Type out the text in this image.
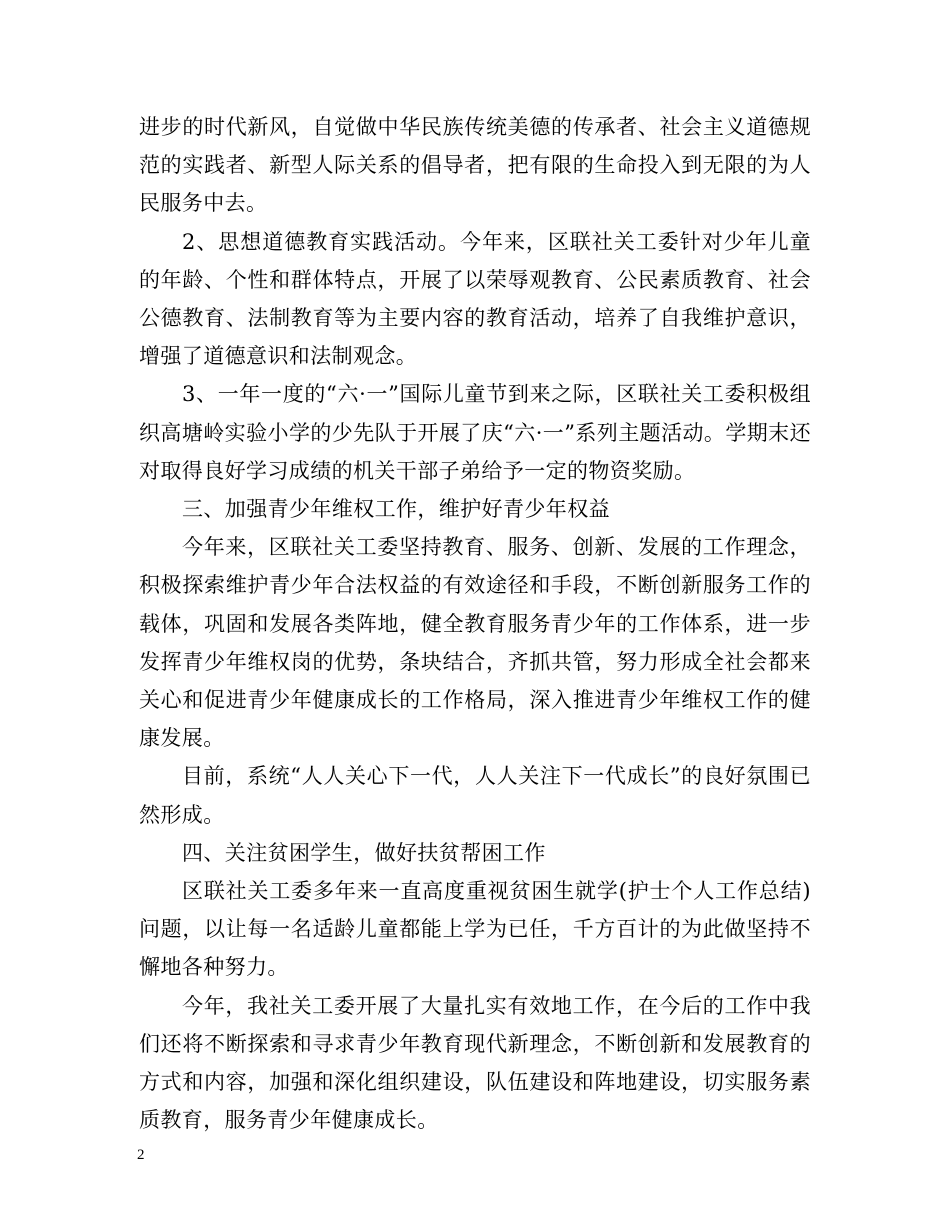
进步的时代新风，自觉做中华民族传统美德的传承者、社会主义道德规范的实践者、新型人际关系的倡导者，把有限的生命投入到无限的为人民服务中去。

2、思想道德教育实践活动。今年来，区联社关工委针对少年儿童的年龄、个性和群体特点，开展了以荣辱观教育、公民素质教育、社会公德教育、法制教育等为主要内容的教育活动，培养了自我维护意识，增强了道德意识和法制观念。

3、一年一度的“六·一”国际儿童节到来之际，区联社关工委积极组织高塘岭实验小学的少先队于开展了庆“六·一”系列主题活动。学期末还对取得良好学习成绩的机关干部子弟给予一定的物资奖励。

三、加强青少年维权工作，维护好青少年权益

今年来，区联社关工委坚持教育、服务、创新、发展的工作理念，积极探索维护青少年合法权益的有效途径和手段，不断创新服务工作的载体，巩固和发展各类阵地，健全教育服务青少年的工作体系，进一步发挥青少年维权岗的优势，条块结合，齐抓共管，努力形成全社会都来关心和促进青少年健康成长的工作格局，深入推进青少年维权工作的健康发展。

目前，系统“人人关心下一代，人人关注下一代成长”的良好氛围已然形成。

四、关注贫困学生，做好扶贫帮困工作

区联社关工委多年来一直高度重视贫困生就学(护士个人工作总结)问题，以让每一名适龄儿童都能上学为已任，千方百计的为此做坚持不懈地各种努力。

今年，我社关工委开展了大量扎实有效地工作，在今后的工作中我们还将不断探索和寻求青少年教育现代新理念，不断创新和发展教育的方式和内容，加强和深化组织建设，队伍建设和阵地建设，切实服务素质教育，服务青少年健康成长。

2
